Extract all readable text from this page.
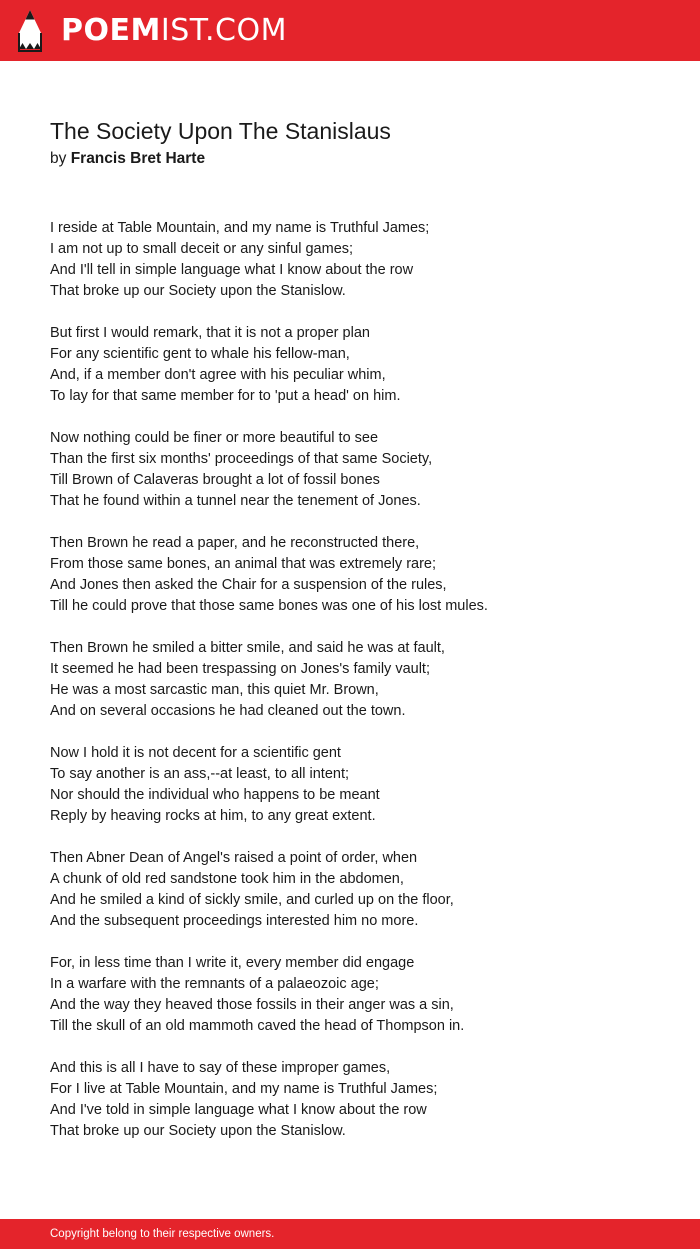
POEMIST.COM
The Society Upon The Stanislaus
by Francis Bret Harte
I reside at Table Mountain, and my name is Truthful James;
I am not up to small deceit or any sinful games;
And I'll tell in simple language what I know about the row
That broke up our Society upon the Stanislow.
But first I would remark, that it is not a proper plan
For any scientific gent to whale his fellow-man,
And, if a member don't agree with his peculiar whim,
To lay for that same member for to 'put a head' on him.
Now nothing could be finer or more beautiful to see
Than the first six months' proceedings of that same Society,
Till Brown of Calaveras brought a lot of fossil bones
That he found within a tunnel near the tenement of Jones.
Then Brown he read a paper, and he reconstructed there,
From those same bones, an animal that was extremely rare;
And Jones then asked the Chair for a suspension of the rules,
Till he could prove that those same bones was one of his lost mules.
Then Brown he smiled a bitter smile, and said he was at fault,
It seemed he had been trespassing on Jones's family vault;
He was a most sarcastic man, this quiet Mr. Brown,
And on several occasions he had cleaned out the town.
Now I hold it is not decent for a scientific gent
To say another is an ass,--at least, to all intent;
Nor should the individual who happens to be meant
Reply by heaving rocks at him, to any great extent.
Then Abner Dean of Angel's raised a point of order, when
A chunk of old red sandstone took him in the abdomen,
And he smiled a kind of sickly smile, and curled up on the floor,
And the subsequent proceedings interested him no more.
For, in less time than I write it, every member did engage
In a warfare with the remnants of a palaeozoic age;
And the way they heaved those fossils in their anger was a sin,
Till the skull of an old mammoth caved the head of Thompson in.
And this is all I have to say of these improper games,
For I live at Table Mountain, and my name is Truthful James;
And I've told in simple language what I know about the row
That broke up our Society upon the Stanislow.
Copyright belong to their respective owners.
